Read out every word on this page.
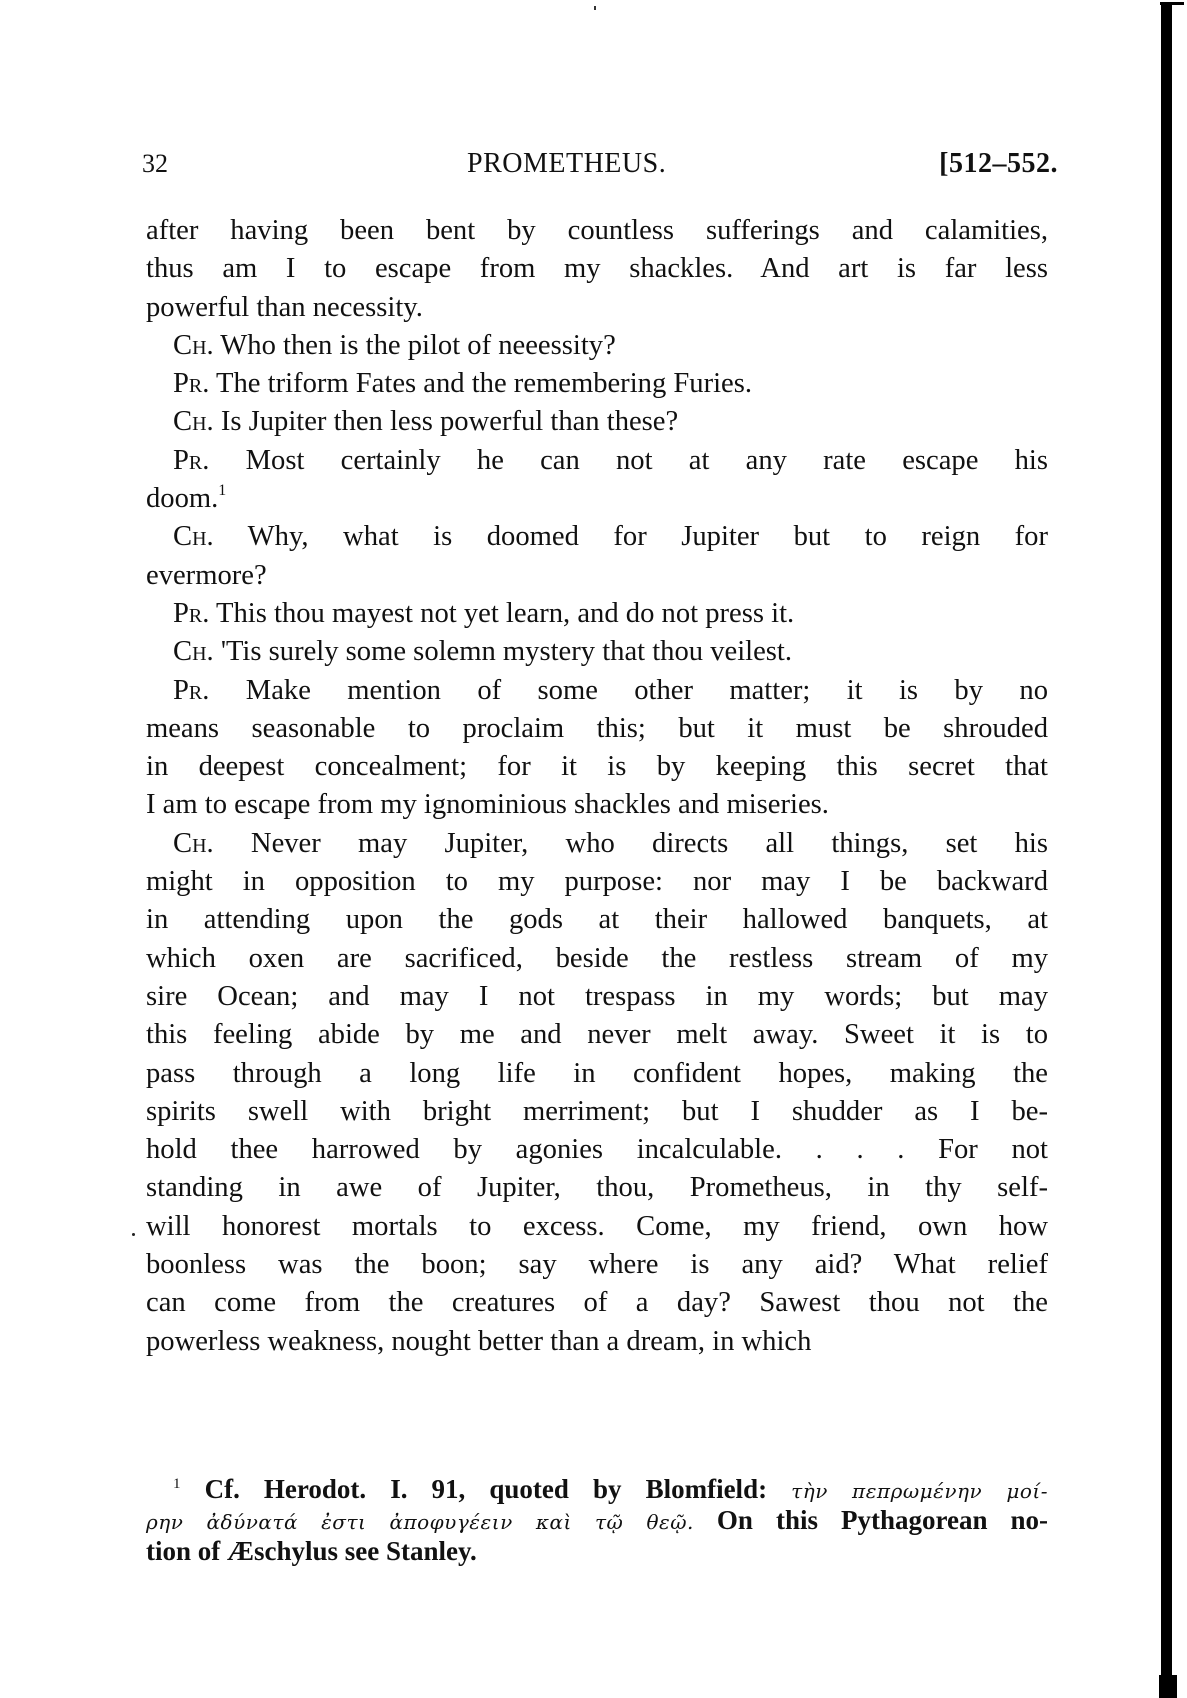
32	PROMETHEUS.	[512–552.
after having been bent by countless sufferings and calamities,
thus am I to escape from my shackles. And art is far less
powerful than necessity.
Ch. Who then is the pilot of neeessity?
Pr. The triform Fates and the remembering Furies.
Ch. Is Jupiter then less powerful than these?
Pr. Most certainly he can not at any rate escape his
doom.$^1$
Ch. Why, what is doomed for Jupiter but to reign for
evermore?
Pr. This thou mayest not yet learn, and do not press it.
Ch. 'Tis surely some solemn mystery that thou veilest.
Pr. Make mention of some other matter; it is by no
means seasonable to proclaim this; but it must be shrouded
in deepest concealment; for it is by keeping this secret that
I am to escape from my ignominious shackles and miseries.
Ch. Never may Jupiter, who directs all things, set his
might in opposition to my purpose: nor may I be backward
in attending upon the gods at their hallowed banquets, at
which oxen are sacrificed, beside the restless stream of my
sire Ocean; and may I not trespass in my words; but may
this feeling abide by me and never melt away. Sweet it is to
pass through a long life in confident hopes, making the
spirits swell with bright merriment; but I shudder as I be-
hold thee harrowed by agonies incalculable. . . . For not
standing in awe of Jupiter, thou, Prometheus, in thy self-
will honorest mortals to excess. Come, my friend, own how
boonless was the boon; say where is any aid? What relief
can come from the creatures of a day? Sawest thou not the
powerless weakness, nought better than a dream, in which
$^1$ Cf. Herodot. I. 91, quoted by Blomfield: τὴν πεπρωμένην μοί-
ρην ἀδύνατά ἐστι ἀποφυγέειν καὶ τῷ θεῷ. On this Pythagorean no-
tion of Æschylus see Stanley.
